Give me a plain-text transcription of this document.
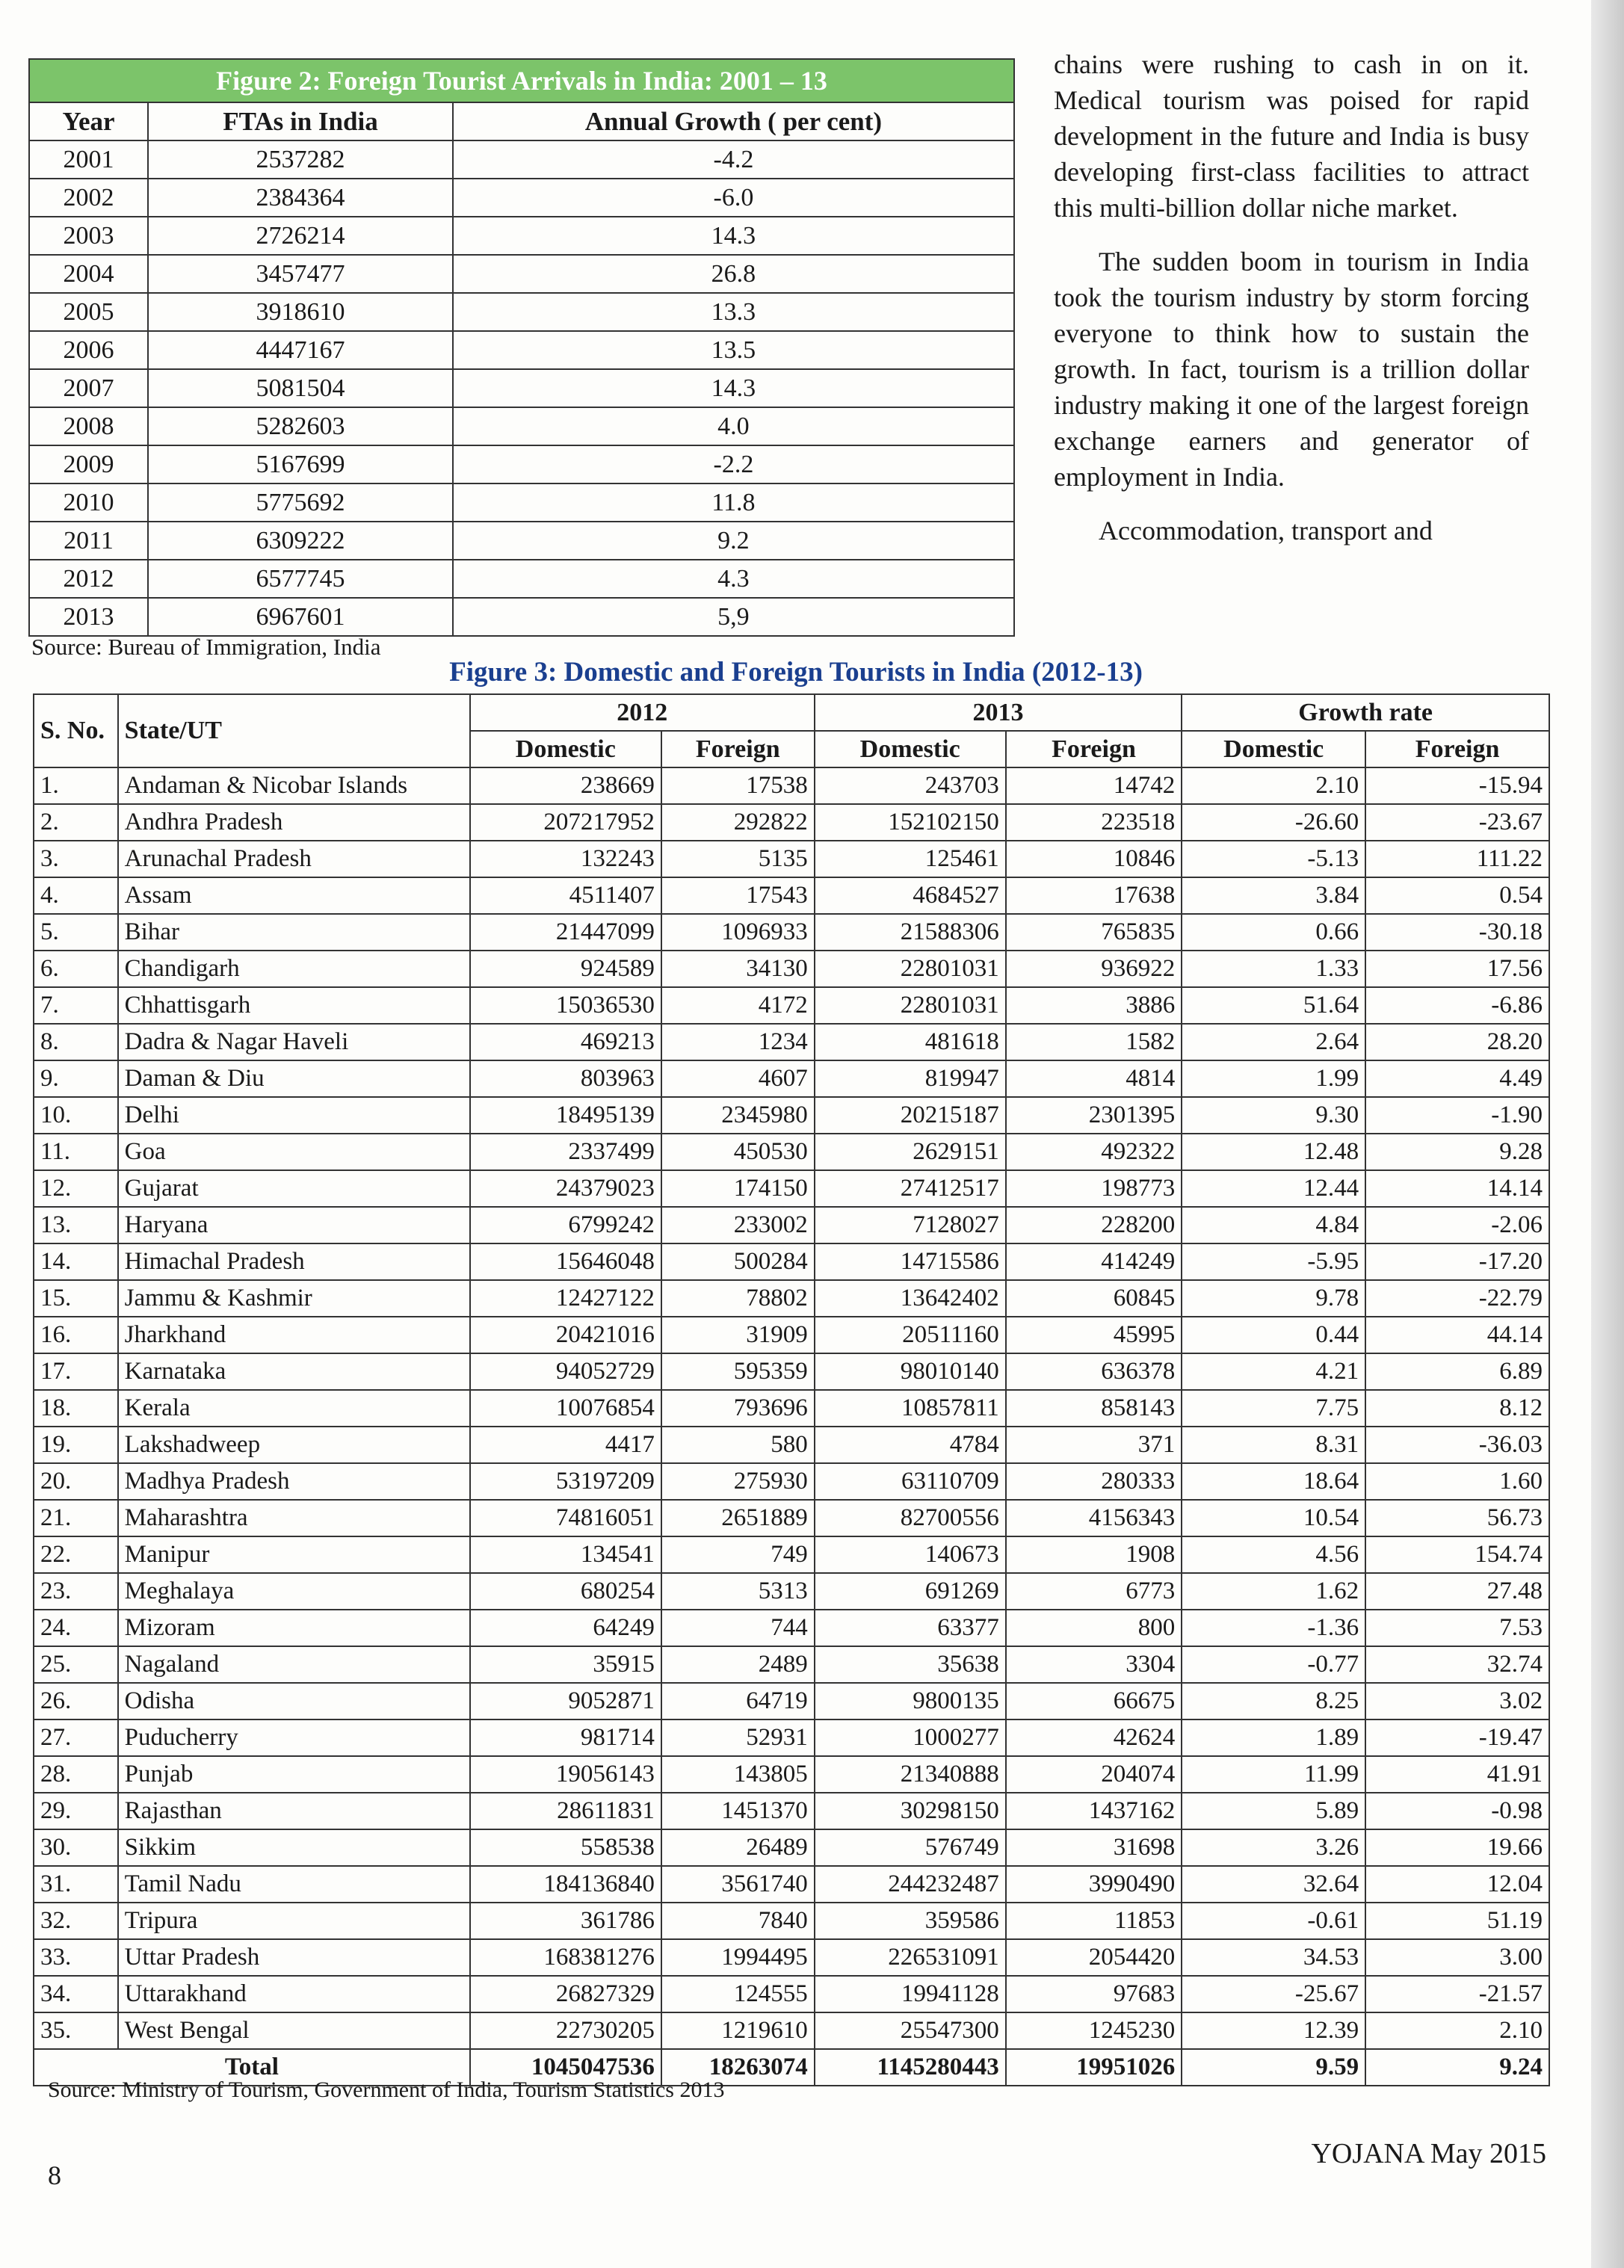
Figure 2: Foreign Tourist Arrivals in India: 2001 – 13		
Year	FTAs in India	Annual Growth ( per cent)
2001	2537282	-4.2
2002	2384364	-6.0
2003	2726214	14.3
2004	3457477	26.8
2005	3918610	13.3
2006	4447167	13.5
2007	5081504	14.3
2008	5282603	4.0
2009	5167699	-2.2
2010	5775692	11.8
2011	6309222	9.2
2012	6577745	4.3
2013	6967601	5,9
Source: Bureau of Immigration, India

chains were rushing to cash in on it. Medical tourism was poised for rapid development in the future and India is busy developing first-class facilities to attract this multi-billion dollar niche market.

The sudden boom in tourism in India took the tourism industry by storm forcing everyone to think how to sustain the growth. In fact, tourism is a trillion dollar industry making it one of the largest foreign exchange earners and generator of employment in India.

Accommodation, transport and

Figure 3: Domestic and Foreign Tourists in India (2012-13)
S. No.	State/UT	2012		2013		Growth rate	
		Domestic	Foreign	Domestic	Foreign	Domestic	Foreign
1.	Andaman & Nicobar Islands	238669	17538	243703	14742	2.10	-15.94
2.	Andhra Pradesh	207217952	292822	152102150	223518	-26.60	-23.67
3.	Arunachal Pradesh	132243	5135	125461	10846	-5.13	111.22
4.	Assam	4511407	17543	4684527	17638	3.84	0.54
5.	Bihar	21447099	1096933	21588306	765835	0.66	-30.18
6.	Chandigarh	924589	34130	22801031	936922	1.33	17.56
7.	Chhattisgarh	15036530	4172	22801031	3886	51.64	-6.86
8.	Dadra & Nagar Haveli	469213	1234	481618	1582	2.64	28.20
9.	Daman & Diu	803963	4607	819947	4814	1.99	4.49
10.	Delhi	18495139	2345980	20215187	2301395	9.30	-1.90
11.	Goa	2337499	450530	2629151	492322	12.48	9.28
12.	Gujarat	24379023	174150	27412517	198773	12.44	14.14
13.	Haryana	6799242	233002	7128027	228200	4.84	-2.06
14.	Himachal Pradesh	15646048	500284	14715586	414249	-5.95	-17.20
15.	Jammu & Kashmir	12427122	78802	13642402	60845	9.78	-22.79
16.	Jharkhand	20421016	31909	20511160	45995	0.44	44.14
17.	Karnataka	94052729	595359	98010140	636378	4.21	6.89
18.	Kerala	10076854	793696	10857811	858143	7.75	8.12
19.	Lakshadweep	4417	580	4784	371	8.31	-36.03
20.	Madhya Pradesh	53197209	275930	63110709	280333	18.64	1.60
21.	Maharashtra	74816051	2651889	82700556	4156343	10.54	56.73
22.	Manipur	134541	749	140673	1908	4.56	154.74
23.	Meghalaya	680254	5313	691269	6773	1.62	27.48
24.	Mizoram	64249	744	63377	800	-1.36	7.53
25.	Nagaland	35915	2489	35638	3304	-0.77	32.74
26.	Odisha	9052871	64719	9800135	66675	8.25	3.02
27.	Puducherry	981714	52931	1000277	42624	1.89	-19.47
28.	Punjab	19056143	143805	21340888	204074	11.99	41.91
29.	Rajasthan	28611831	1451370	30298150	1437162	5.89	-0.98
30.	Sikkim	558538	26489	576749	31698	3.26	19.66
31.	Tamil Nadu	184136840	3561740	244232487	3990490	32.64	12.04
32.	Tripura	361786	7840	359586	11853	-0.61	51.19
33.	Uttar Pradesh	168381276	1994495	226531091	2054420	34.53	3.00
34.	Uttarakhand	26827329	124555	19941128	97683	-25.67	-21.57
35.	West Bengal	22730205	1219610	25547300	1245230	12.39	2.10
Total		1045047536	18263074	1145280443	19951026	9.59	9.24
Source: Ministry of Tourism, Government of India, Tourism Statistics 2013
8
YOJANA May 2015
